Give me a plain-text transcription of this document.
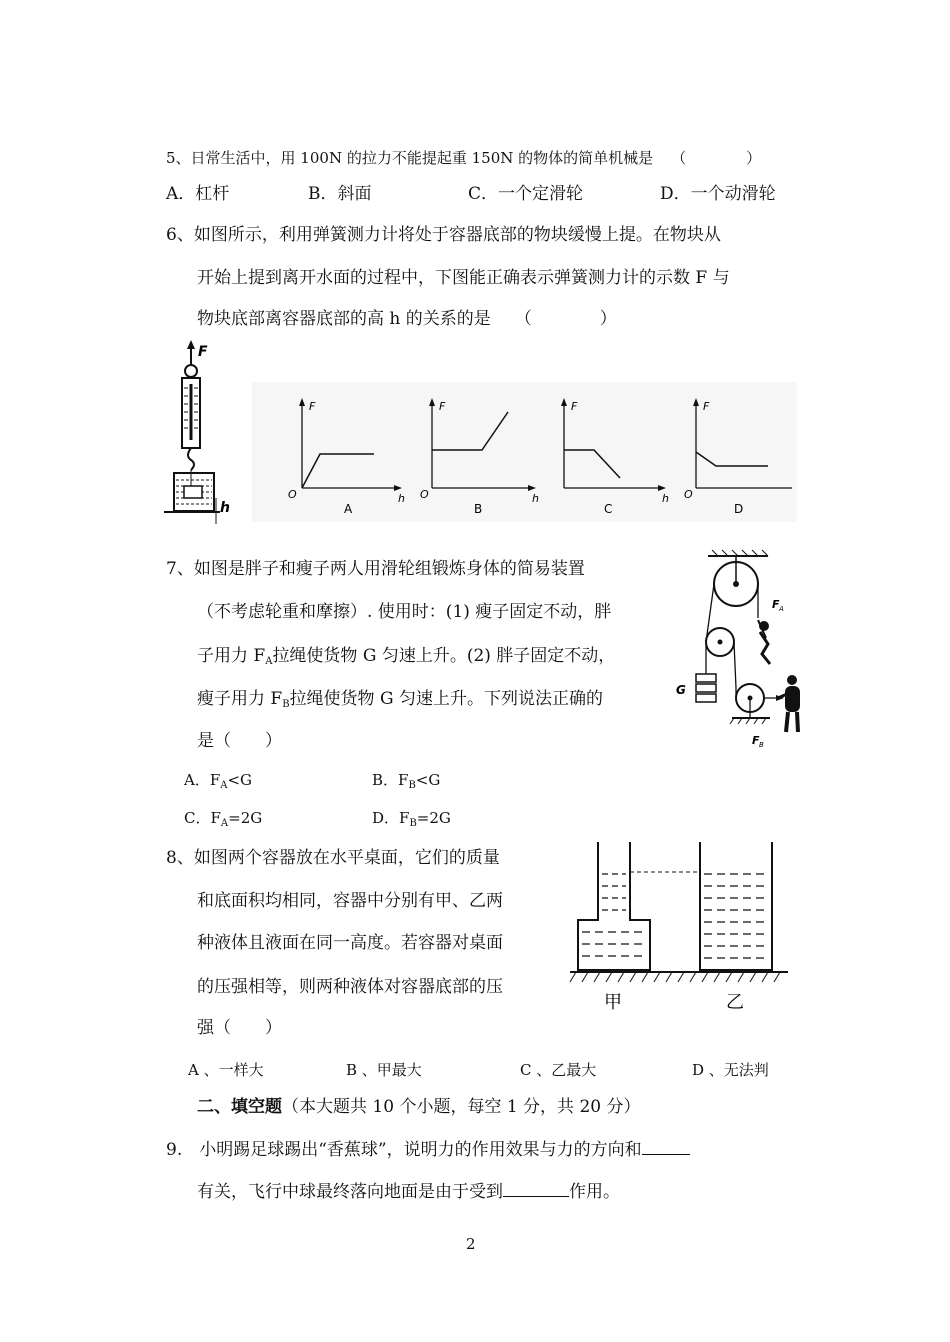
5、日常生活中，用 100N 的拉力不能提起重 150N 的物体的简单机械是 （　　　　）
A．杠杆	B．斜面	C．一个定滑轮	D．一个动滑轮
6、如图所示，利用弹簧测力计将处于容器底部的物块缓慢上提。在物块从
开始上提到离开水面的过程中，下图能正确表示弹簧测力计的示数 F 与
物块底部离容器底部的高 h 的关系的是 （　　　　）
F
h
F
O	h
A
F
O	h
B
F
h
C
F
O
D
7、如图是胖子和瘦子两人用滑轮组锻炼身体的简易装置
（不考虑轮重和摩擦）. 使用时：(1) 瘦子固定不动，胖
子用力 $F_A$拉绳使货物 G 匀速上升。(2) 胖子固定不动，
瘦子用力 $F_B$拉绳使货物 G 匀速上升。下列说法正确的
是（　　）
A．$F_A<G$	B．$F_B<G$
C．$F_A=2G$	D．$F_B=2G$
G
F A
F B
8、如图两个容器放在水平桌面，它们的质量
和底面积均相同，容器中分别有甲、乙两
种液体且液面在同一高度。若容器对桌面
的压强相等，则两种液体对容器底部的压
强（　　）
甲	乙
A 、一样大	B 、甲最大	C 、乙最大	D 、无法判
二、填空题（本大题共 10 个小题，每空 1 分，共 20 分）
9.　小明踢足球踢出“香蕉球”，说明力的作用效果与力的方向和
有关，飞行中球最终落向地面是由于受到	作用。
2
